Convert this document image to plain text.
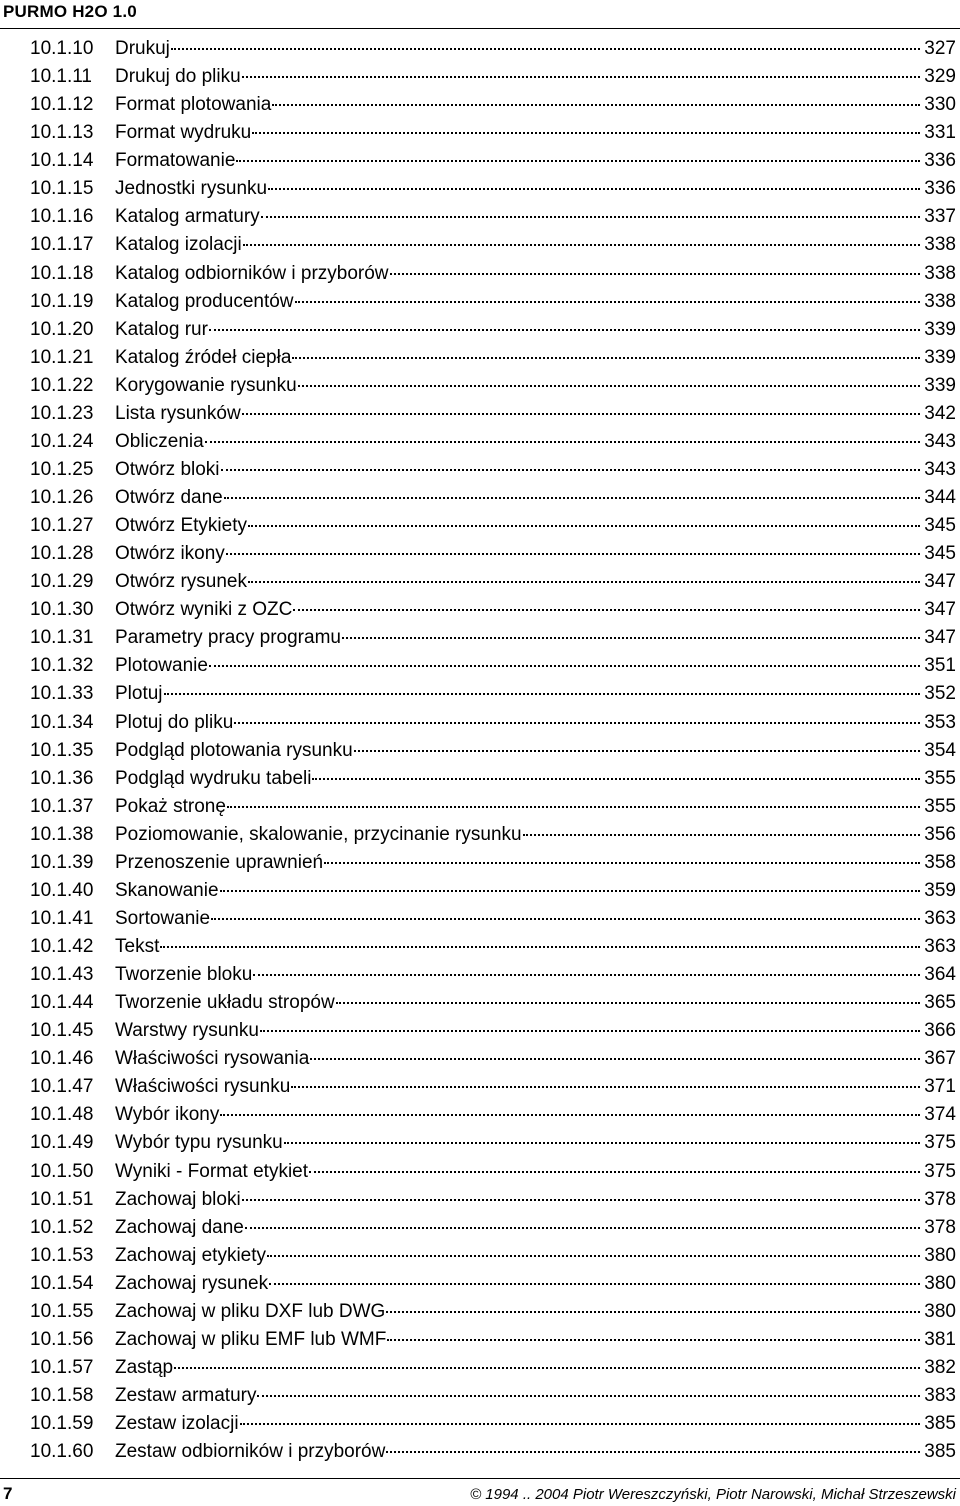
PURMO H2O 1.0
10.1.10	Drukuj	327
10.1.11	Drukuj do pliku	329
10.1.12	Format plotowania	330
10.1.13	Format wydruku	331
10.1.14	Formatowanie	336
10.1.15	Jednostki rysunku	336
10.1.16	Katalog armatury	337
10.1.17	Katalog izolacji	338
10.1.18	Katalog odbiorników i przyborów	338
10.1.19	Katalog producentów	338
10.1.20	Katalog rur	339
10.1.21	Katalog źródeł ciepła	339
10.1.22	Korygowanie rysunku	339
10.1.23	Lista rysunków	342
10.1.24	Obliczenia	343
10.1.25	Otwórz bloki	343
10.1.26	Otwórz dane	344
10.1.27	Otwórz Etykiety	345
10.1.28	Otwórz ikony	345
10.1.29	Otwórz rysunek	347
10.1.30	Otwórz wyniki z OZC	347
10.1.31	Parametry pracy programu	347
10.1.32	Plotowanie	351
10.1.33	Plotuj	352
10.1.34	Plotuj do pliku	353
10.1.35	Podgląd plotowania rysunku	354
10.1.36	Podgląd wydruku tabeli	355
10.1.37	Pokaż stronę	355
10.1.38	Poziomowanie, skalowanie, przycinanie rysunku	356
10.1.39	Przenoszenie uprawnień	358
10.1.40	Skanowanie	359
10.1.41	Sortowanie	363
10.1.42	Tekst	363
10.1.43	Tworzenie bloku	364
10.1.44	Tworzenie układu stropów	365
10.1.45	Warstwy rysunku	366
10.1.46	Właściwości rysowania	367
10.1.47	Właściwości rysunku	371
10.1.48	Wybór ikony	374
10.1.49	Wybór typu rysunku	375
10.1.50	Wyniki - Format etykiet	375
10.1.51	Zachowaj bloki	378
10.1.52	Zachowaj dane	378
10.1.53	Zachowaj etykiety	380
10.1.54	Zachowaj rysunek	380
10.1.55	Zachowaj w pliku DXF lub DWG	380
10.1.56	Zachowaj w pliku EMF lub WMF	381
10.1.57	Zastąp	382
10.1.58	Zestaw armatury	383
10.1.59	Zestaw izolacji	385
10.1.60	Zestaw odbiorników i przyborów	385
7	© 1994 .. 2004 Piotr Wereszczyński, Piotr Narowski, Michał Strzeszewski
